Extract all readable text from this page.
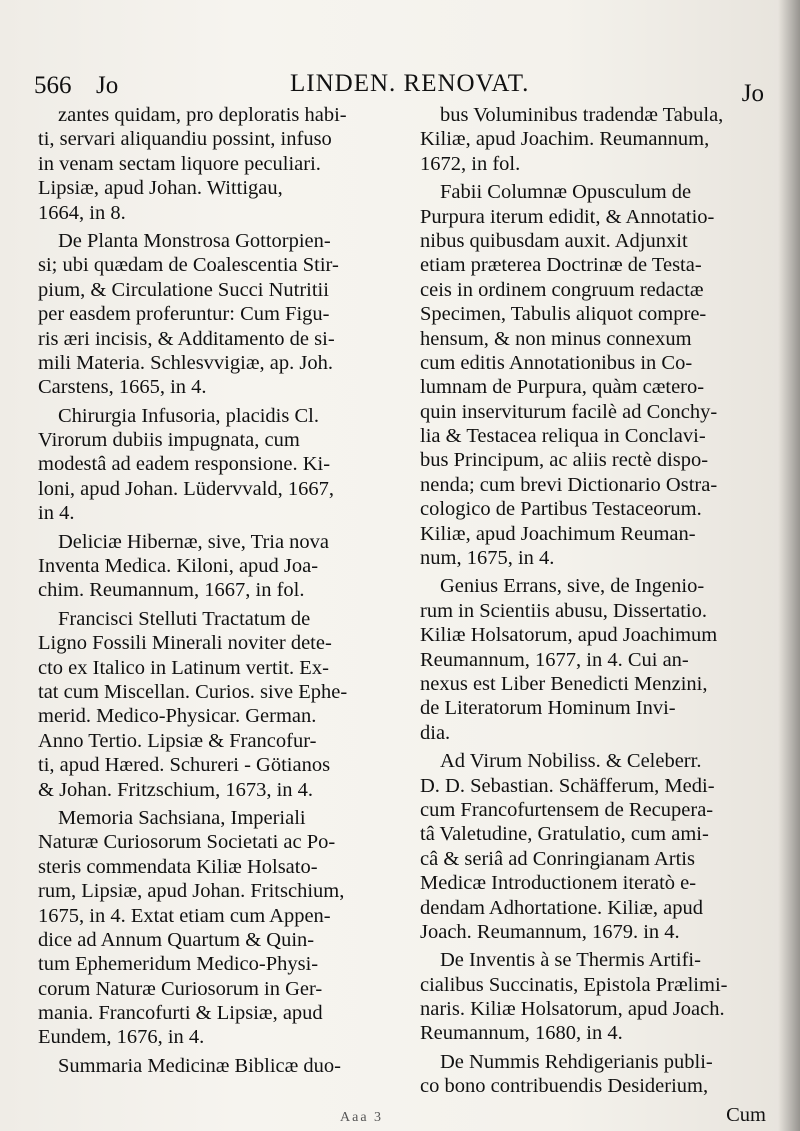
566 Jo	LINDEN. RENOVAT.	Jo
zantes quidam, pro deploratis habi-
ti, servari aliquandiu possint, infuso
in venam sectam liquore peculiari.
Lipsiæ, apud Johan. Wittigau,
1664, in 8.
De Planta Monstrosa Gottorpien-
si; ubi quædam de Coalescentia Stir-
pium, & Circulatione Succi Nutritii
per easdem proferuntur: Cum Figu-
ris æri incisis, & Additamento de si-
mili Materia. Schlesvvigiæ, ap. Joh.
Carstens, 1665, in 4.
Chirurgia Infusoria, placidis Cl.
Virorum dubiis impugnata, cum
modestâ ad eadem responsione. Ki-
loni, apud Johan. Lüdervvald, 1667,
in 4.
Deliciæ Hibernæ, sive, Tria nova
Inventa Medica. Kiloni, apud Joa-
chim. Reumannum, 1667, in fol.
Francisci Stelluti Tractatum de
Ligno Fossili Minerali noviter dete-
cto ex Italico in Latinum vertit. Ex-
tat cum Miscellan. Curios. sive Ephe-
merid. Medico-Physicar. German.
Anno Tertio. Lipsiæ & Francofur-
ti, apud Hæred. Schureri - Götianos
& Johan. Fritzschium, 1673, in 4.
Memoria Sachsiana, Imperiali
Naturæ Curiosorum Societati ac Po-
steris commendata Kiliæ Holsato-
rum, Lipsiæ, apud Johan. Fritschium,
1675, in 4. Extat etiam cum Appen-
dice ad Annum Quartum & Quin-
tum Ephemeridum Medico-Physi-
corum Naturæ Curiosorum in Ger-
mania. Francofurti & Lipsiæ, apud
Eundem, 1676, in 4.
Summaria Medicinæ Biblicæ duo-
bus Voluminibus tradendæ Tabula,
Kiliæ, apud Joachim. Reumannum,
1672, in fol.
Fabii Columnæ Opusculum de
Purpura iterum edidit, & Annotatio-
nibus quibusdam auxit. Adjunxit
etiam præterea Doctrinæ de Testa-
ceis in ordinem congruum redactæ
Specimen, Tabulis aliquot compre-
hensum, & non minus connexum
cum editis Annotationibus in Co-
lumnam de Purpura, quàm cætero-
quin inserviturum facilè ad Conchy-
lia & Testacea reliqua in Conclavi-
bus Principum, ac aliis rectè dispo-
nenda; cum brevi Dictionario Ostra-
cologico de Partibus Testaceorum.
Kiliæ, apud Joachimum Reuman-
num, 1675, in 4.
Genius Errans, sive, de Ingenio-
rum in Scientiis abusu, Dissertatio.
Kiliæ Holsatorum, apud Joachimum
Reumannum, 1677, in 4. Cui an-
nexus est Liber Benedicti Menzini,
de Literatorum Hominum Invi-
dia.
Ad Virum Nobiliss. & Celeberr.
D. D. Sebastian. Schäfferum, Medi-
cum Francofurtensem de Recupera-
tâ Valetudine, Gratulatio, cum ami-
câ & seriâ ad Conringianam Artis
Medicæ Introductionem iteratò e-
dendam Adhortatione. Kiliæ, apud
Joach. Reumannum, 1679. in 4.
De Inventis à se Thermis Artifi-
cialibus Succinatis, Epistola Prælimi-
naris. Kiliæ Holsatorum, apud Joach.
Reumannum, 1680, in 4.
De Nummis Rehdigerianis publi-
co bono contribuendis Desiderium,
Cum
Aaa 3
